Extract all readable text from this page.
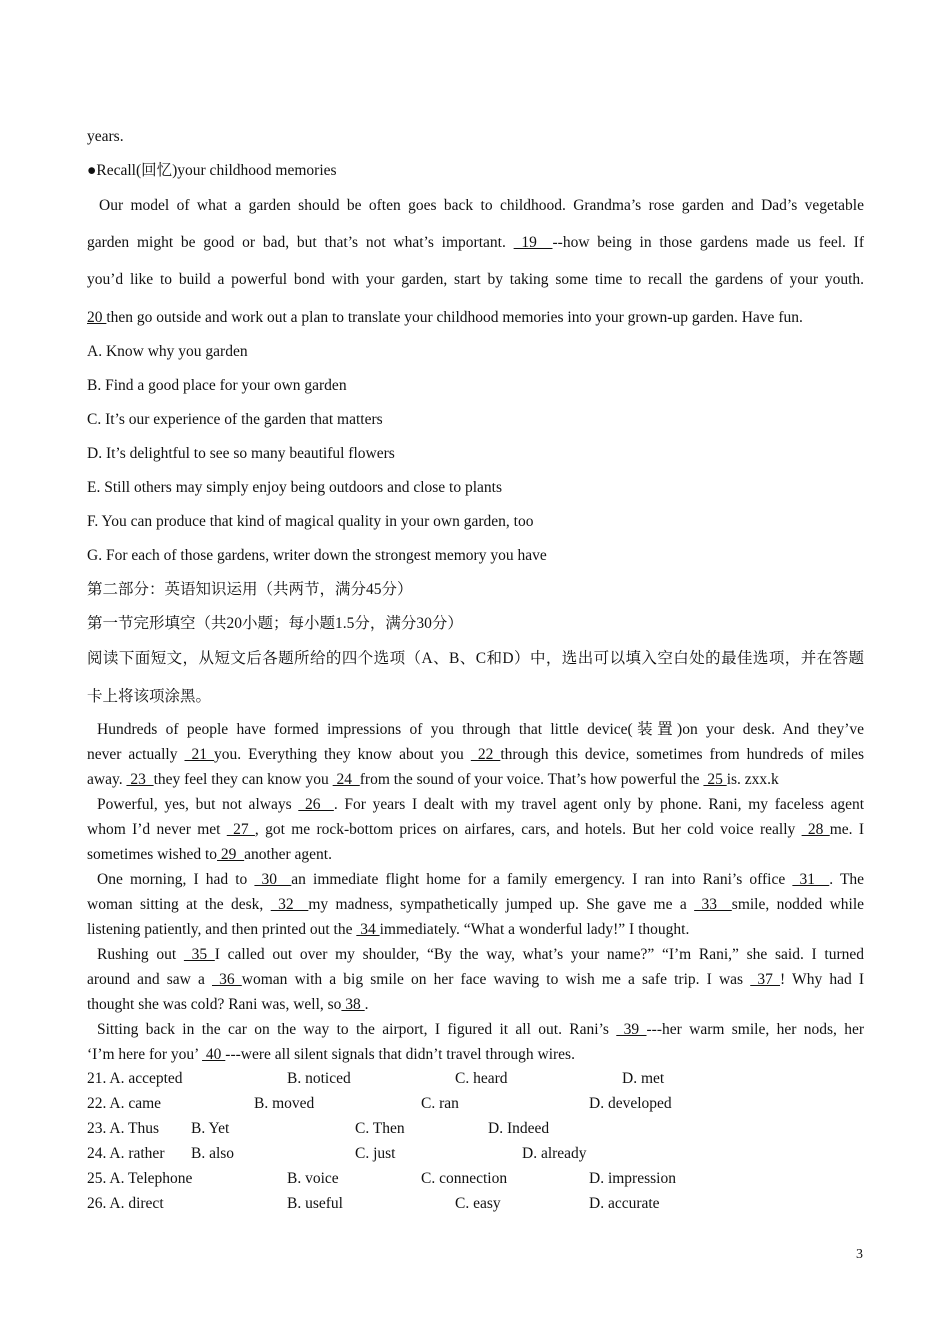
years.
●Recall(回忆)your childhood memories
Our model of what a garden should be often goes back to childhood. Grandma’s rose garden and Dad’s vegetable
garden might be good or bad, but that’s not what’s important.  19  --how being in those gardens made us feel. If
you’d like to build a powerful bond with your garden, start by taking some time to recall the gardens of your youth.
20 then go outside and work out a plan to translate your childhood memories into your grown-up garden. Have fun.
A. Know why you garden
B. Find a good place for your own garden
C. It’s our experience of the garden that matters
D. It’s delightful to see so many beautiful flowers
E. Still others may simply enjoy being outdoors and close to plants
F. You can produce that kind of magical quality in your own garden, too
G. For each of those gardens, writer down the strongest memory you have
第二部分：英语知识运用（共两节，满分45分）
第一节完形填空（共20小题；每小题1.5分，满分30分）
阅读下面短文，从短文后各题所给的四个选项（A、B、C和D）中，选出可以填入空白处的最佳选项，并在答题
卡上将该项涂黑。
Hundreds of people have formed impressions of you through that little device(装置)on your desk. And they’ve
never actually  21 you. Everything they know about you  22 through this device, sometimes from hundreds of miles
away.  23  they feel they can know you  24  from the sound of your voice. That’s how powerful the  25 is. zxx.k
Powerful, yes, but not always  26  . For years I dealt with my travel agent only by phone. Rani, my faceless agent
whom I’d never met  27 , got me rock-bottom prices on airfares, cars, and hotels. But her cold voice really  28 me. I
sometimes wished to 29  another agent.
One morning, I had to  30  an immediate flight home for a family emergency. I ran into Rani’s office  31  . The
woman sitting at the desk,  32  my madness, sympathetically jumped up. She gave me a  33  smile, nodded while
listening patiently, and then printed out the  34 immediately. “What a wonderful lady!” I thought.
Rushing out  35 I called out over my shoulder, “By the way, what’s your name?” “I’m Rani,” she said. I turned
around and saw a  36 woman with a big smile on her face waving to wish me a safe trip. I was  37 ! Why had I
thought she was cold? Rani was, well, so 38 .
Sitting back in the car on the way to the airport, I figured it all out. Rani’s  39 ---her warm smile, her nods, her
‘I’m here for you’  40 ---were all silent signals that didn’t travel through wires.
21. A. accepted	B. noticed	C. heard	D. met
22. A. came	B. moved	C. ran	D. developed
23. A. Thus B. Yet	C. Then	D. Indeed
24. A. rather B. also	C. just	D. already
25. A. Telephone	B. voice	C. connection	D. impression
26. A. direct	B. useful	C. easy	D. accurate
3
